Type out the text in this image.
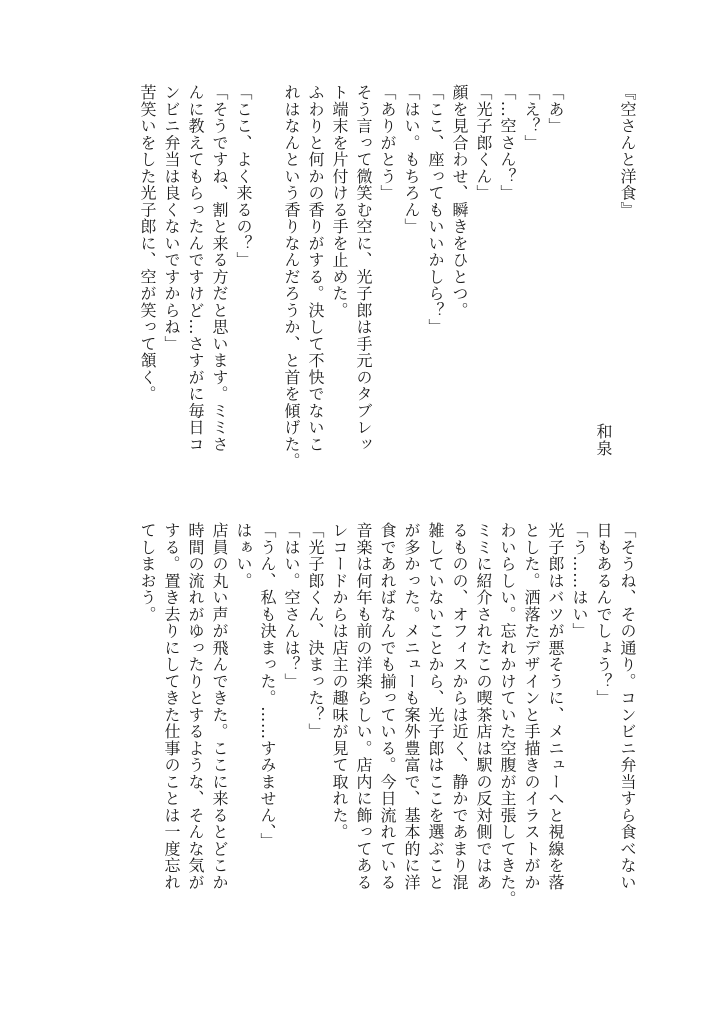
『空さんと洋食』
和泉
「あ」
「え？」
「…空さん？」
「光子郎くん」
顔を見合わせ、瞬きをひとつ。
「ここ、座ってもいいかしら？」
「はい。もちろん」
「ありがとう」
そう言って微笑む空に、光子郎は手元のタブレッ
ト端末を片付ける手を止めた。
ふわりと何かの香りがする。決して不快でないこ
れはなんという香りなんだろうか、と首を傾げた。
「ここ、よく来るの？」
「そうですね、割と来る方だと思います。ミミさ
んに教えてもらったんですけど…さすがに毎日コ
ンビニ弁当は良くないですからね」
苦笑いをした光子郎に、空が笑って頷く。
「そうね、その通り。コンビニ弁当すら食べない
日もあるんでしょう？」
「う……はい」
光子郎はバツが悪そうに、メニューへと視線を落
とした。洒落たデザインと手描きのイラストがか
わいらしい。忘れかけていた空腹が主張してきた。
ミミに紹介されたこの喫茶店は駅の反対側ではあ
るものの、オフィスからは近く、静かであまり混
雑していないことから、光子郎はここを選ぶこと
が多かった。メニューも案外豊富で、基本的に洋
食であればなんでも揃っている。今日流れている
音楽は何年も前の洋楽らしい。店内に飾ってある
レコードからは店主の趣味が見て取れた。
「光子郎くん、決まった？」
「はい。空さんは？」
「うん、私も決まった。……すみません、」
はぁい。
店員の丸い声が飛んできた。ここに来るとどこか
時間の流れがゆったりとするような、そんな気が
する。置き去りにしてきた仕事のことは一度忘れ
てしまおう。
